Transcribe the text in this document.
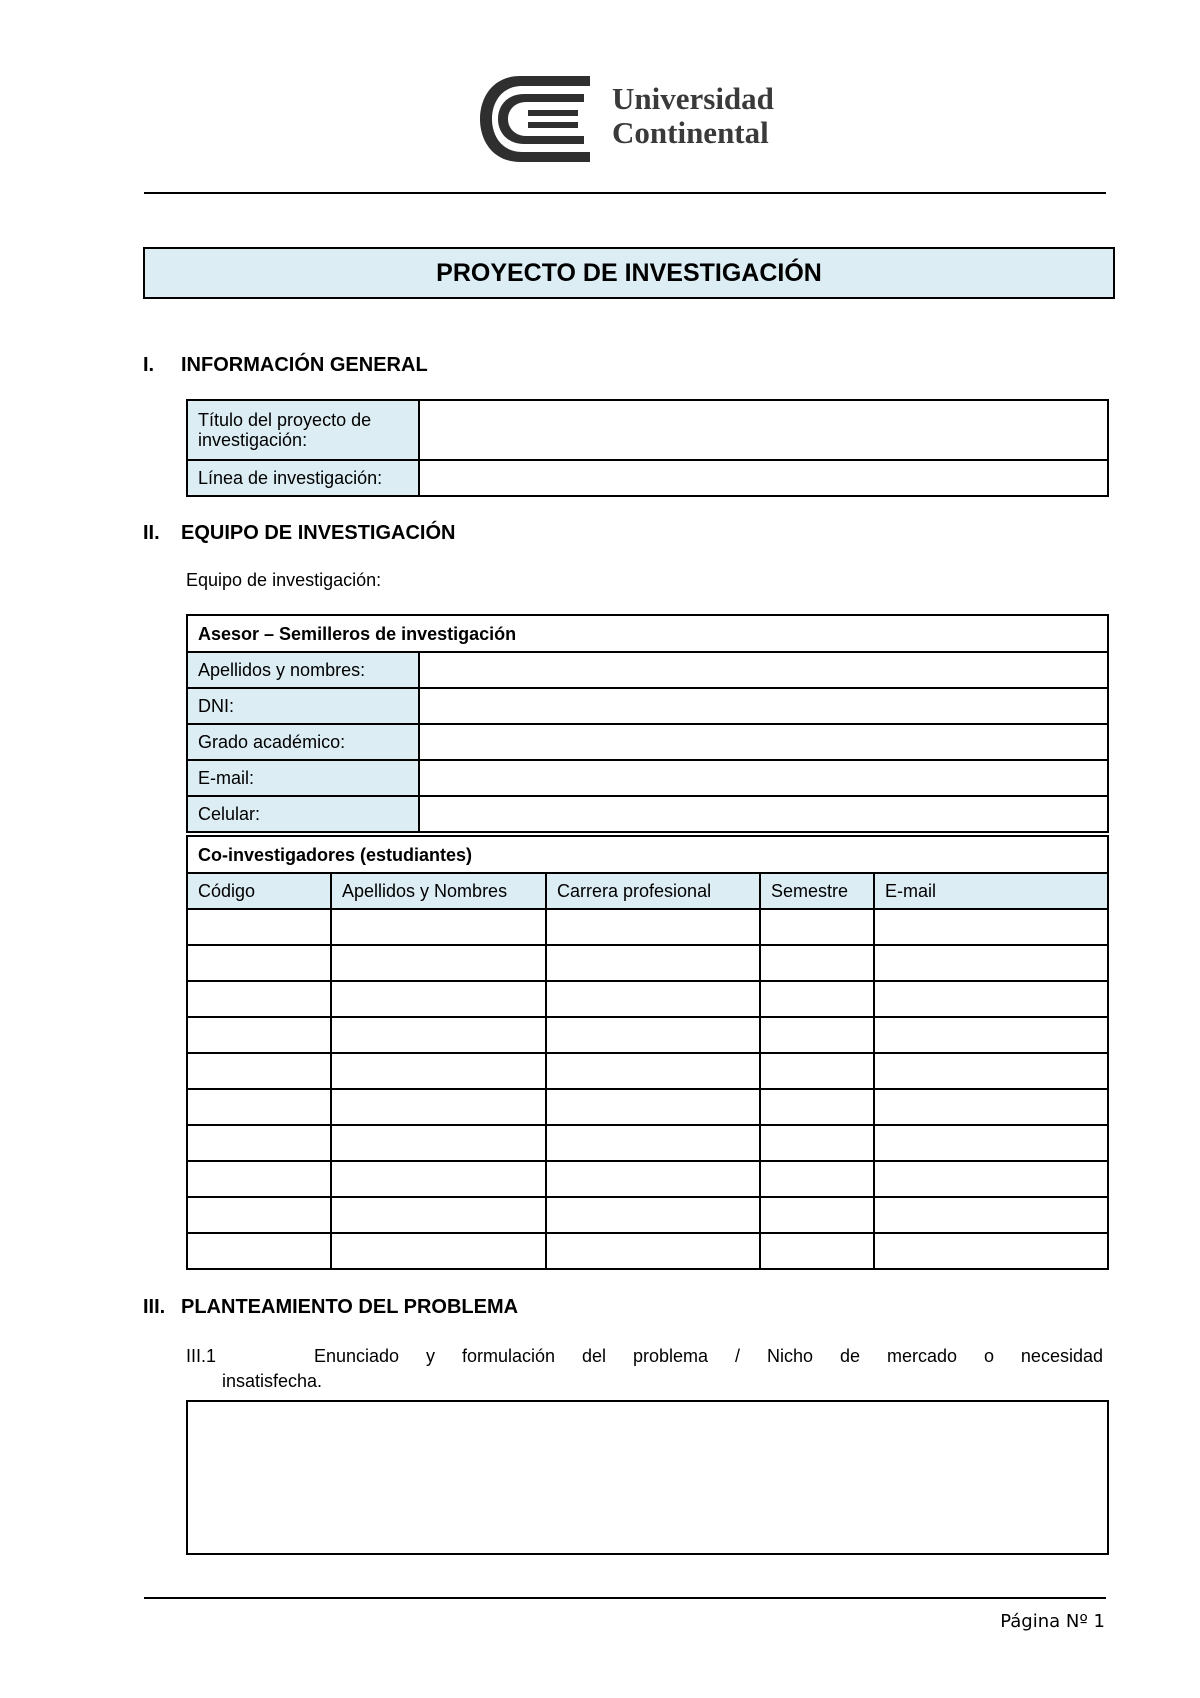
Universidad
Continental
PROYECTO DE INVESTIGACIÓN
I. INFORMACIÓN GENERAL
Título del proyecto de investigación:	
Línea de investigación:	
II. EQUIPO DE INVESTIGACIÓN
Equipo de investigación:
Asesor – Semilleros de investigación	
Apellidos y nombres:	
DNI:	
Grado académico:	
E-mail:	
Celular:	
Co-investigadores (estudiantes)				
Código	Apellidos y Nombres	Carrera profesional	Semestre	E-mail

III. PLANTEAMIENTO DEL PROBLEMA
III.1	Enunciado y formulación del problema / Nicho de mercado o necesidad
insatisfecha.
Página Nº 1
